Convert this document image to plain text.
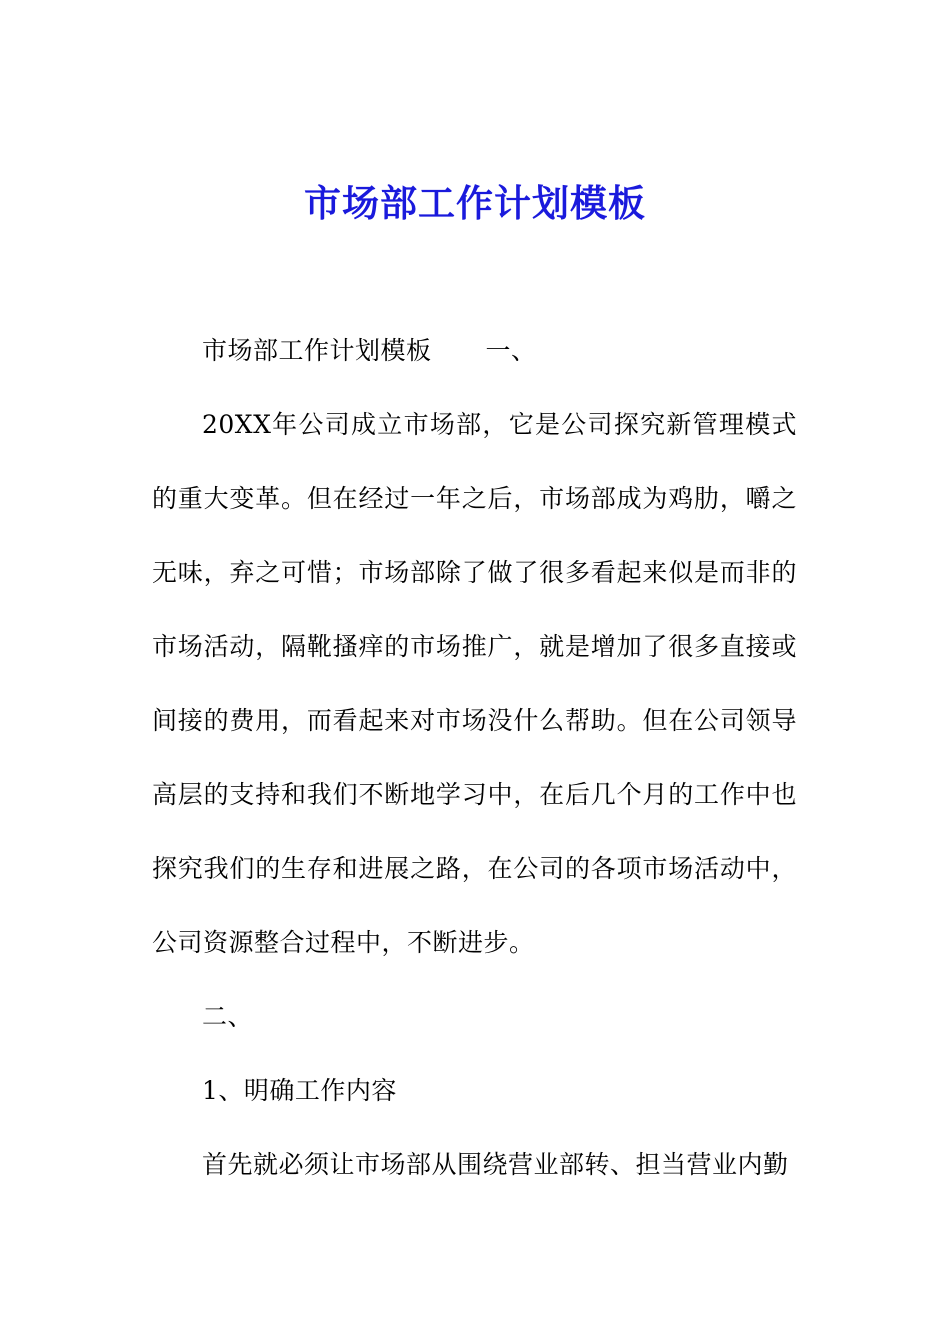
市场部工作计划模板

市场部工作计划模板 一、

20XX年公司成立市场部，它是公司探究新管理模式的重大变革。但在经过一年之后，市场部成为鸡肋，嚼之无味，弃之可惜；市场部除了做了很多看起来似是而非的市场活动，隔靴搔痒的市场推广，就是增加了很多直接或间接的费用，而看起来对市场没什么帮助。但在公司领导高层的支持和我们不断地学习中，在后几个月的工作中也探究我们的生存和进展之路，在公司的各项市场活动中，公司资源整合过程中，不断进步。

二、

1、明确工作内容

首先就必须让市场部从围绕营业部转、担当营业内勤
